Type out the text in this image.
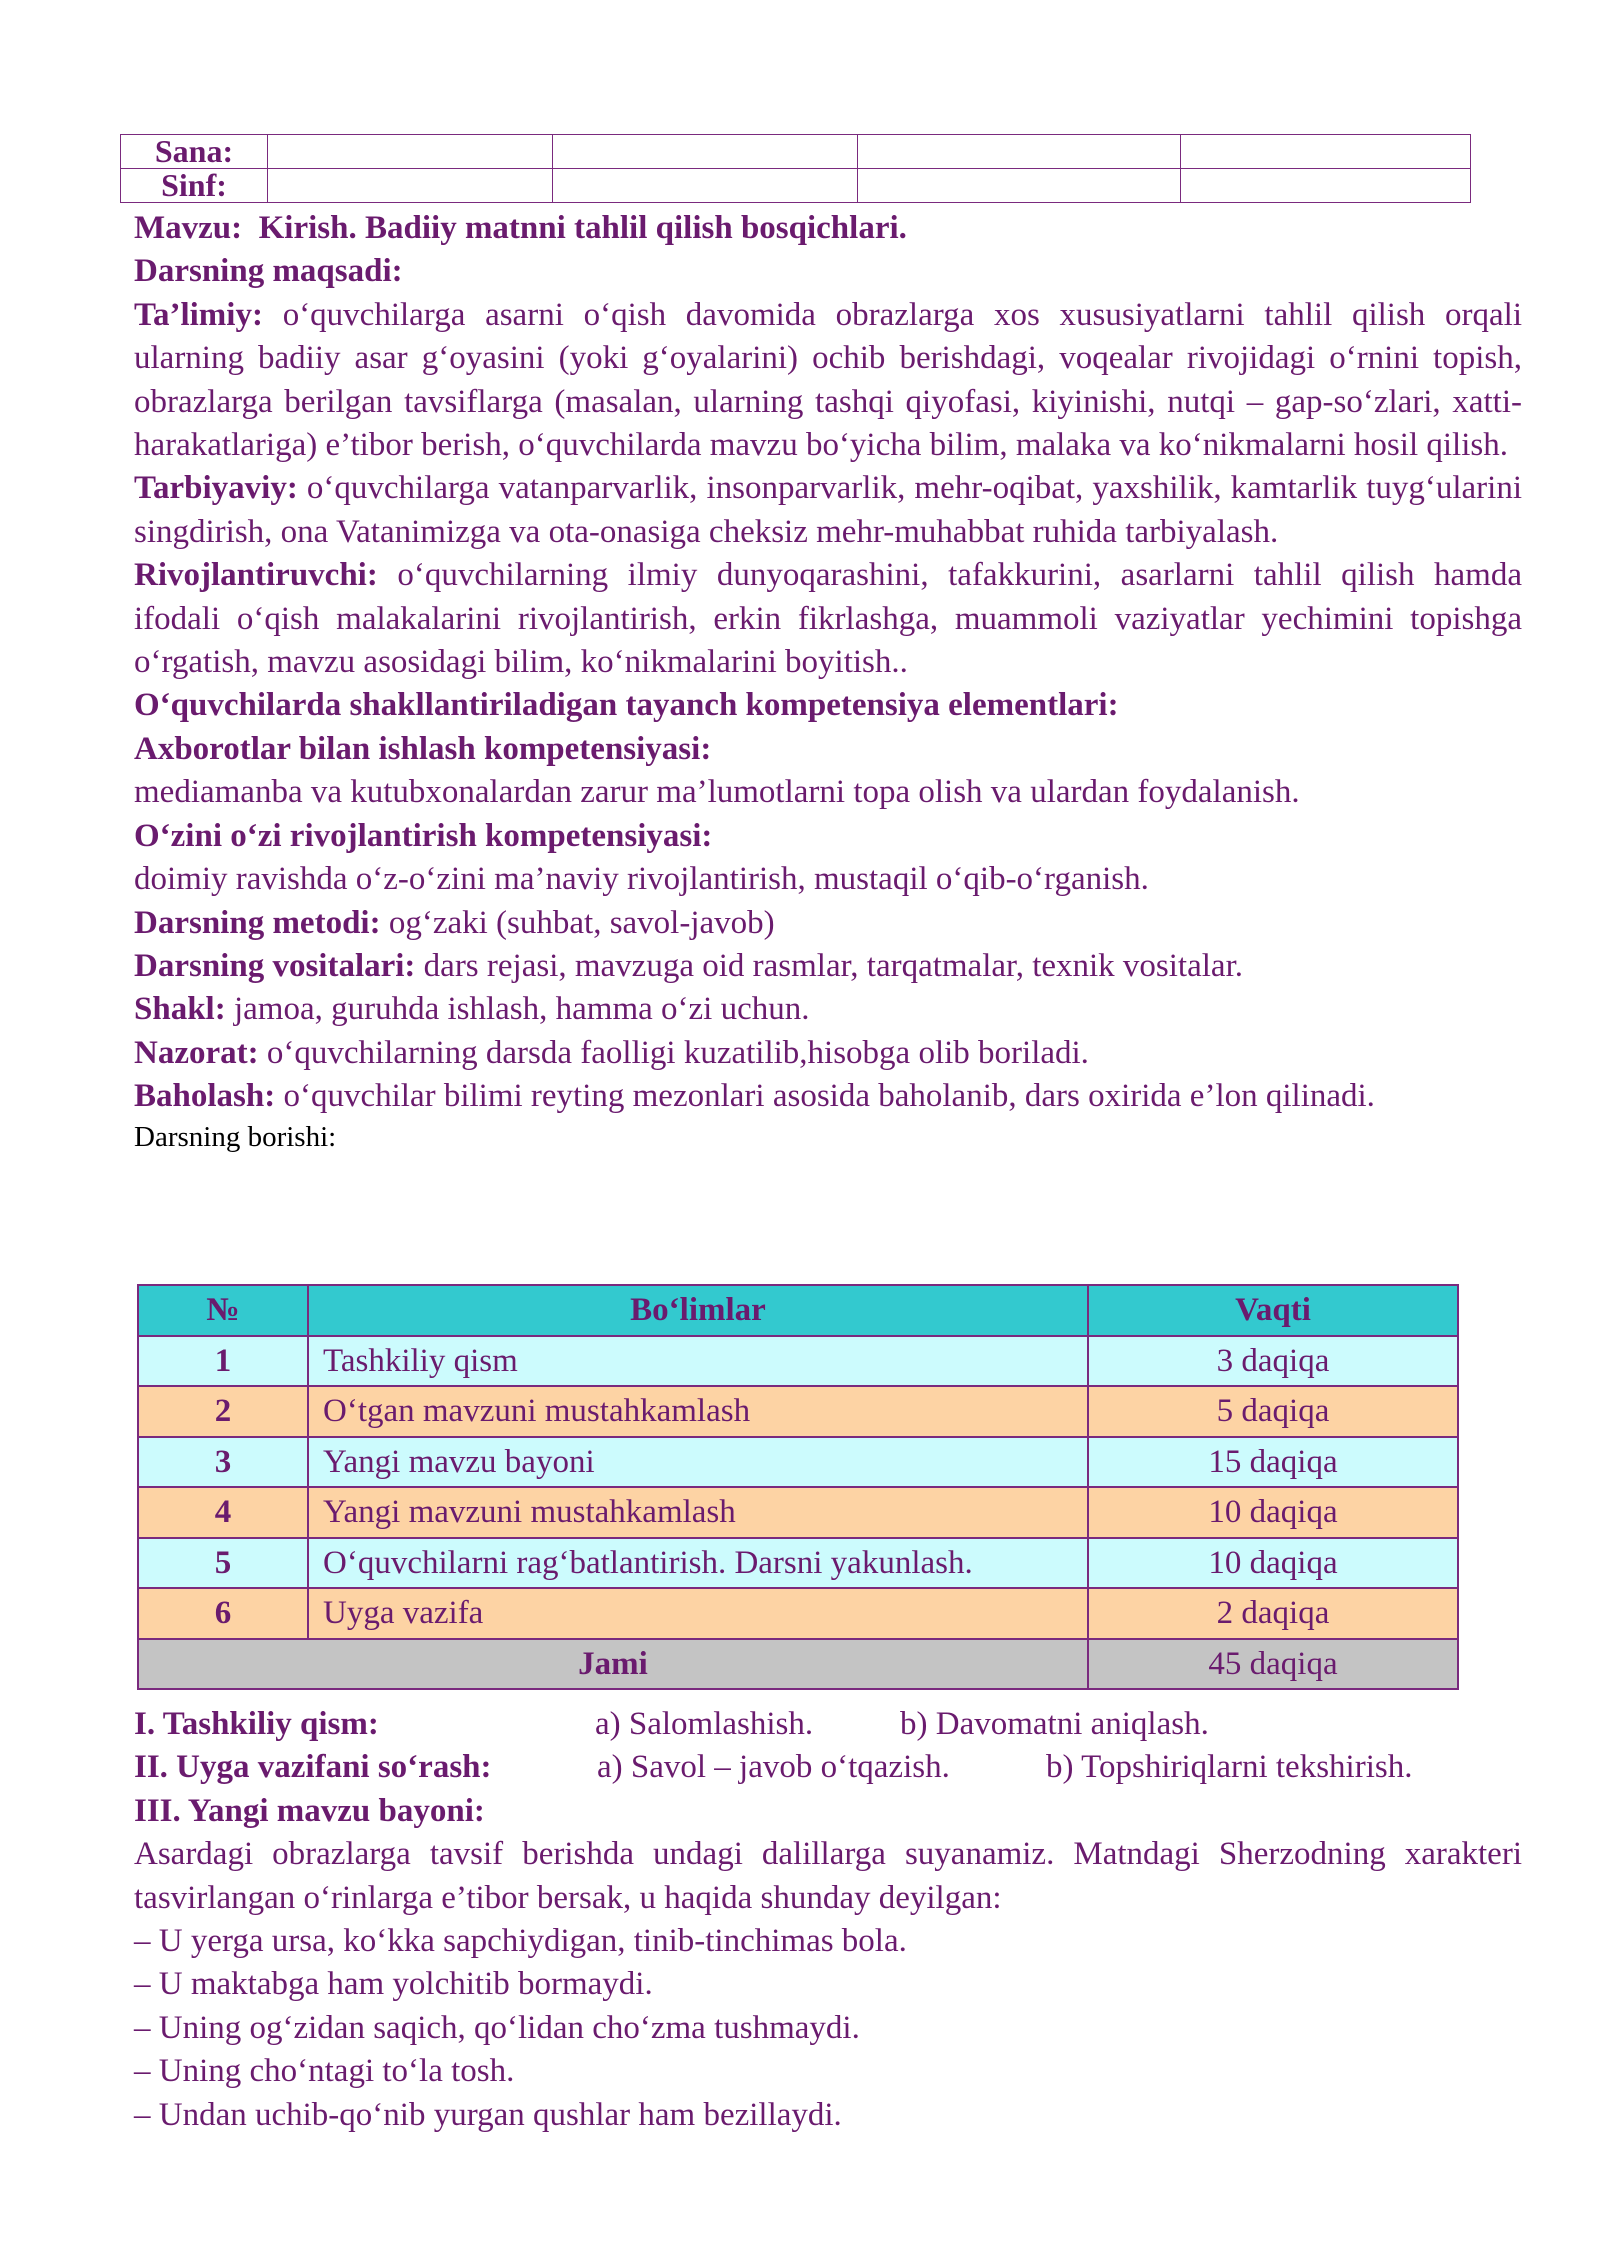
Sana:				
Sinf:				

Mavzu: Kirish. Badiiy matnni tahlil qilish bosqichlari.

Darsning maqsadi:

Ta’limiy: o‘quvchilarga asarni o‘qish davomida obrazlarga xos xususiyatlarni tahlil qilish orqali ularning badiiy asar g‘oyasini (yoki g‘oyalarini) ochib berishdagi, voqealar rivojidagi o‘rnini topish, obrazlarga berilgan tavsiflarga (masalan, ularning tashqi qiyofasi, kiyinishi, nutqi – gap-so‘zlari, xatti-harakatlariga) e’tibor berish, o‘quvchilarda mavzu bo‘yicha bilim, malaka va ko‘nikmalarni hosil qilish.

Tarbiyaviy: o‘quvchilarga vatanparvarlik, insonparvarlik, mehr-oqibat, yaxshilik, kamtarlik tuyg‘ularini singdirish, ona Vatanimizga va ota-onasiga cheksiz mehr-muhabbat ruhida tarbiyalash.

Rivojlantiruvchi: o‘quvchilarning ilmiy dunyoqarashini, tafakkurini, asarlarni tahlil qilish hamda ifodali o‘qish malakalarini rivojlantirish, erkin fikrlashga, muammoli vaziyatlar yechimini topishga o‘rgatish, mavzu asosidagi bilim, ko‘nikmalarini boyitish..

O‘quvchilarda shakllantiriladigan tayanch kompetensiya elementlari:

Axborotlar bilan ishlash kompetensiyasi:

mediamanba va kutubxonalardan zarur ma’lumotlarni topa olish va ulardan foydalanish.

O‘zini o‘zi rivojlantirish kompetensiyasi:

doimiy ravishda o‘z-o‘zini ma’naviy rivojlantirish, mustaqil o‘qib-o‘rganish.

Darsning metodi: og‘zaki (suhbat, savol-javob)

Darsning vositalari: dars rejasi, mavzuga oid rasmlar, tarqatmalar, texnik vositalar.

Shakl: jamoa, guruhda ishlash, hamma o‘zi uchun.

Nazorat: o‘quvchilarning darsda faolligi kuzatilib,hisobga olib boriladi.

Baholash: o‘quvchilar bilimi reyting mezonlari asosida baholanib, dars oxirida e’lon qilinadi.

Darsning borishi:

№	Bo‘limlar	Vaqti
1	Tashkiliy qism	3 daqiqa
2	O‘tgan mavzuni mustahkamlash	5 daqiqa
3	Yangi mavzu bayoni	15 daqiqa
4	Yangi mavzuni mustahkamlash	10 daqiqa
5	O‘quvchilarni rag‘batlantirish. Darsni yakunlash.	10 daqiqa
6	Uyga vazifa	2 daqiqa
Jami		45 daqiqa
I. Tashkiliy qism:	a) Salomlashish.	b) Davomatni aniqlash.
II. Uyga vazifani so‘rash:	a) Savol – javob o‘tqazish.	b) Topshiriqlarni tekshirish.

III. Yangi mavzu bayoni:

Asardagi obrazlarga tavsif berishda undagi dalillarga suyanamiz. Matndagi Sherzodning xarakteri tasvirlangan o‘rinlarga e’tibor bersak, u haqida shunday deyilgan:

– U yerga ursa, ko‘kka sapchiydigan, tinib-tinchimas bola.

– U maktabga ham yolchitib bormaydi.

– Uning og‘zidan saqich, qo‘lidan cho‘zma tushmaydi.

– Uning cho‘ntagi to‘la tosh.

– Undan uchib-qo‘nib yurgan qushlar ham bezillaydi.
